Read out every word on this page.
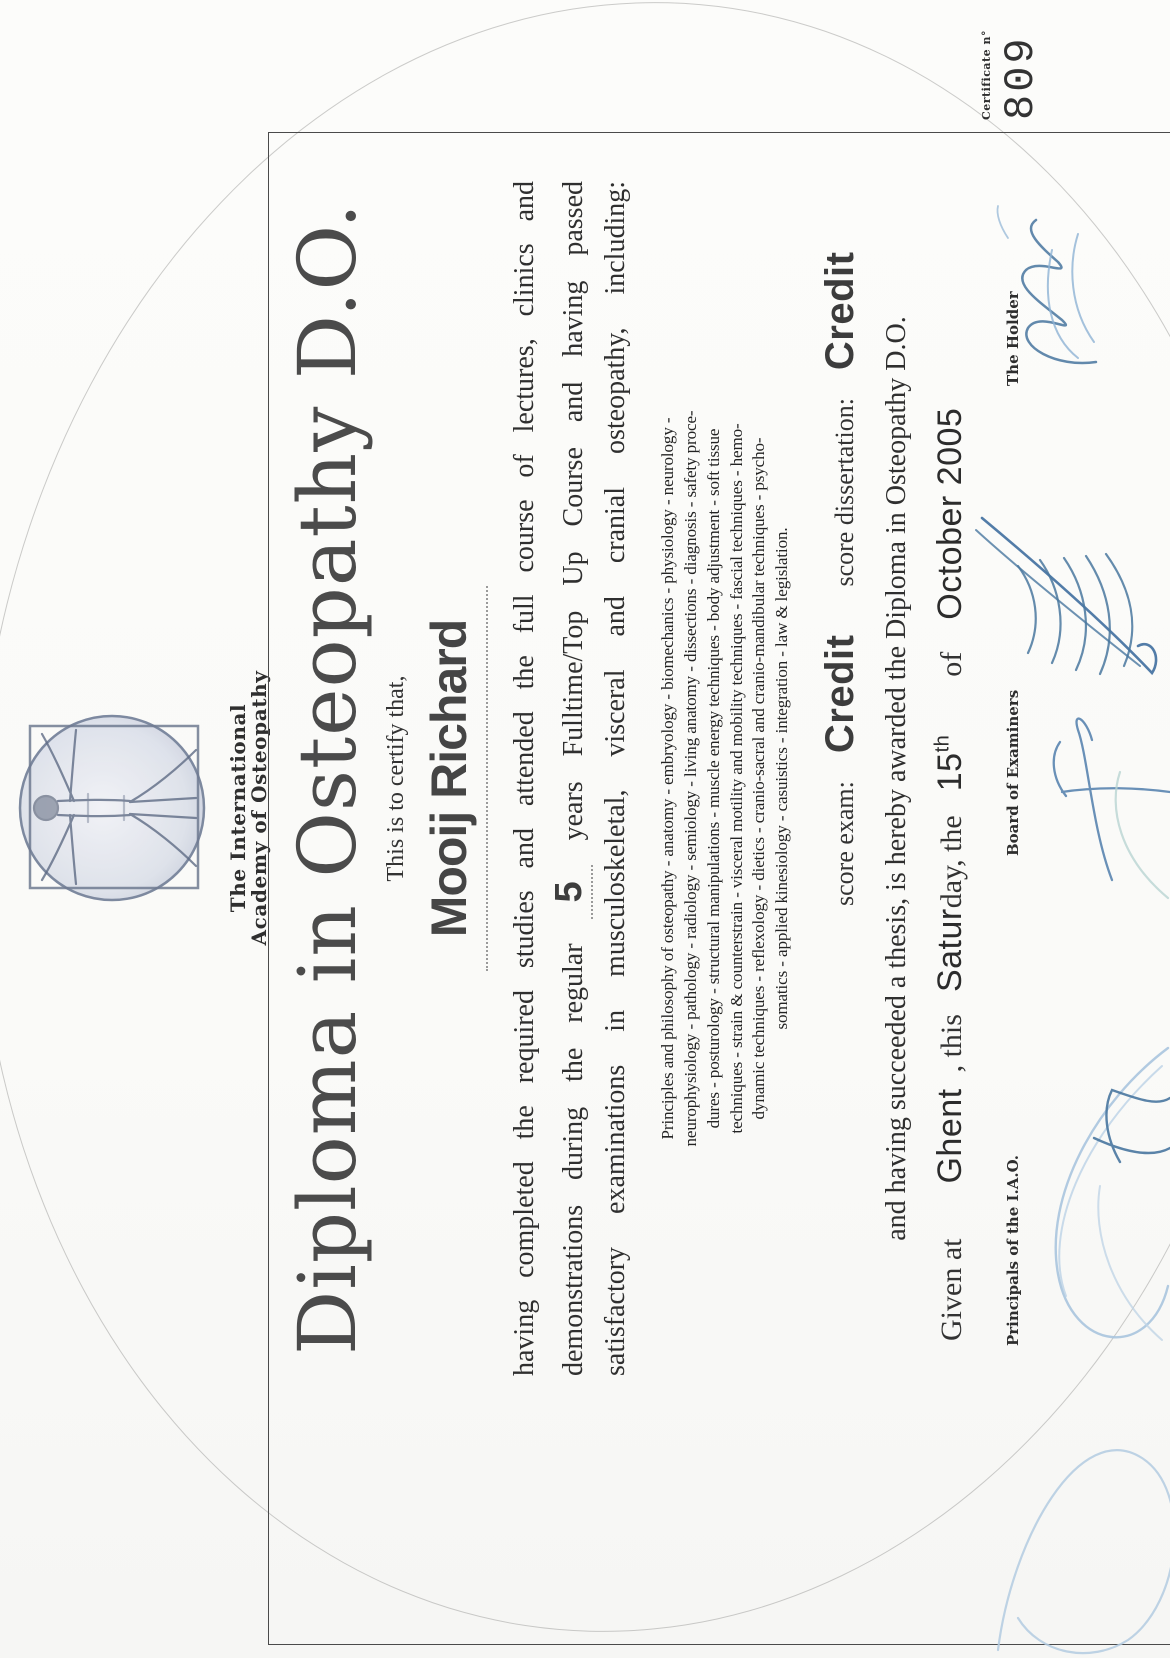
The International
Academy of Osteopathy
Certificate n° 809
Diploma in Osteopathy D.O. This is to certify that, Mooij Richard	having completed the required studies and attended the full course of lectures, clinics and demonstrations during the regular 5 years Fulltime/Top Up Course and having passed satisfactory examinations in musculoskeletal, visceral and cranial osteopathy, including: Principles and philosophy of osteopathy - anatomy - embryology - biomechanics - physiology - neurology - neurophysiology - pathology - radiology - semiology - living anatomy - dissections - diagnosis - safety proce- dures - posturology - structural manipulations - muscle energy techniques - body adjustment - soft tissue techniques - strain & counterstrain - visceral motility and mobility techniques - fascial techniques - hemo- dynamic techniques - reflexology - dietics - cranio-sacral and cranio-mandibular techniques - psycho- somatics - applied kinesiology - casuistics - integration - law & legislation. score exam:
Credit
score dissertation:
Credit
and having succeeded a thesis, is hereby awarded the Diploma in Osteopathy D.O.
Given at
Ghent
, this
Satur
day, the
15th
of
October 2005
Principals of the I.A.O.
Board of Examiners
The Holder
